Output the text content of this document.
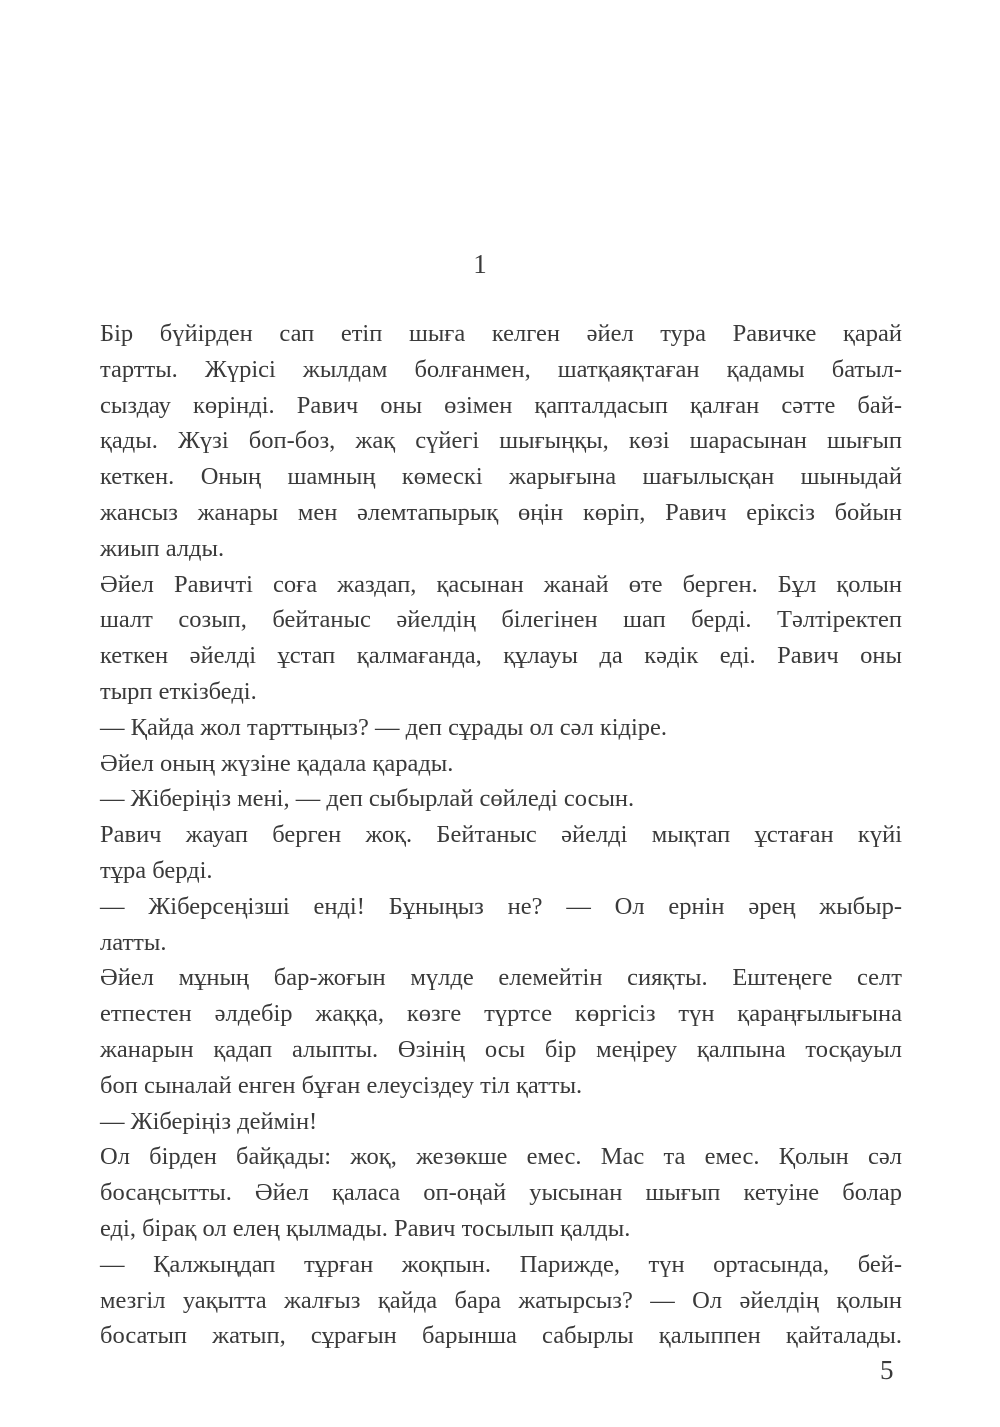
1
Бір бүйірден сап етіп шыға келген әйел тура Равичке қарай
тартты. Жүрісі жылдам болғанмен, шатқаяқтаған қадамы батыл-
сыздау көрінді. Равич оны өзімен қапталдасып қалған сәтте бай-
қады. Жүзі боп-боз, жақ сүйегі шығыңқы, көзі шарасынан шығып
кеткен. Оның шамның көмескі жарығына шағылысқан шыныдай
жансыз жанары мен әлемтапырық өңін көріп, Равич еріксіз бойын
жиып алды.
Әйел Равичті соға жаздап, қасынан жанай өте берген. Бұл қолын
шалт созып, бейтаныс әйелдің білегінен шап берді. Тәлтіректеп
кеткен әйелді ұстап қалмағанда, құлауы да кәдік еді. Равич оны
тырп еткізбеді.
— Қайда жол тарттыңыз? — деп сұрады ол сәл кідіре.
Әйел оның жүзіне қадала қарады.
— Жіберіңіз мені, — деп сыбырлай сөйледі сосын.
Равич жауап берген жоқ. Бейтаныс әйелді мықтап ұстаған күйі
тұра берді.
— Жіберсеңізші енді! Бұныңыз не? — Ол ернін әрең жыбыр-
латты.
Әйел мұның бар-жоғын мүлде елемейтін сияқты. Ештеңеге селт
етпестен әлдебір жаққа, көзге түртсе көргісіз түн қараңғылығына
жанарын қадап алыпты. Өзінің осы бір меңіреу қалпына тосқауыл
боп сыналай енген бұған елеусіздеу тіл қатты.
— Жіберіңіз деймін!
Ол бірден байқады: жоқ, жезөкше емес. Мас та емес. Қолын сәл
босаңсытты. Әйел қаласа оп-оңай уысынан шығып кетуіне болар
еді, бірақ ол елең қылмады. Равич тосылып қалды.
— Қалжыңдап тұрған жоқпын. Парижде, түн ортасында, бей-
мезгіл уақытта жалғыз қайда бара жатырсыз? — Ол әйелдің қолын
босатып жатып, сұрағын барынша сабырлы қалыппен қайталады.
5
